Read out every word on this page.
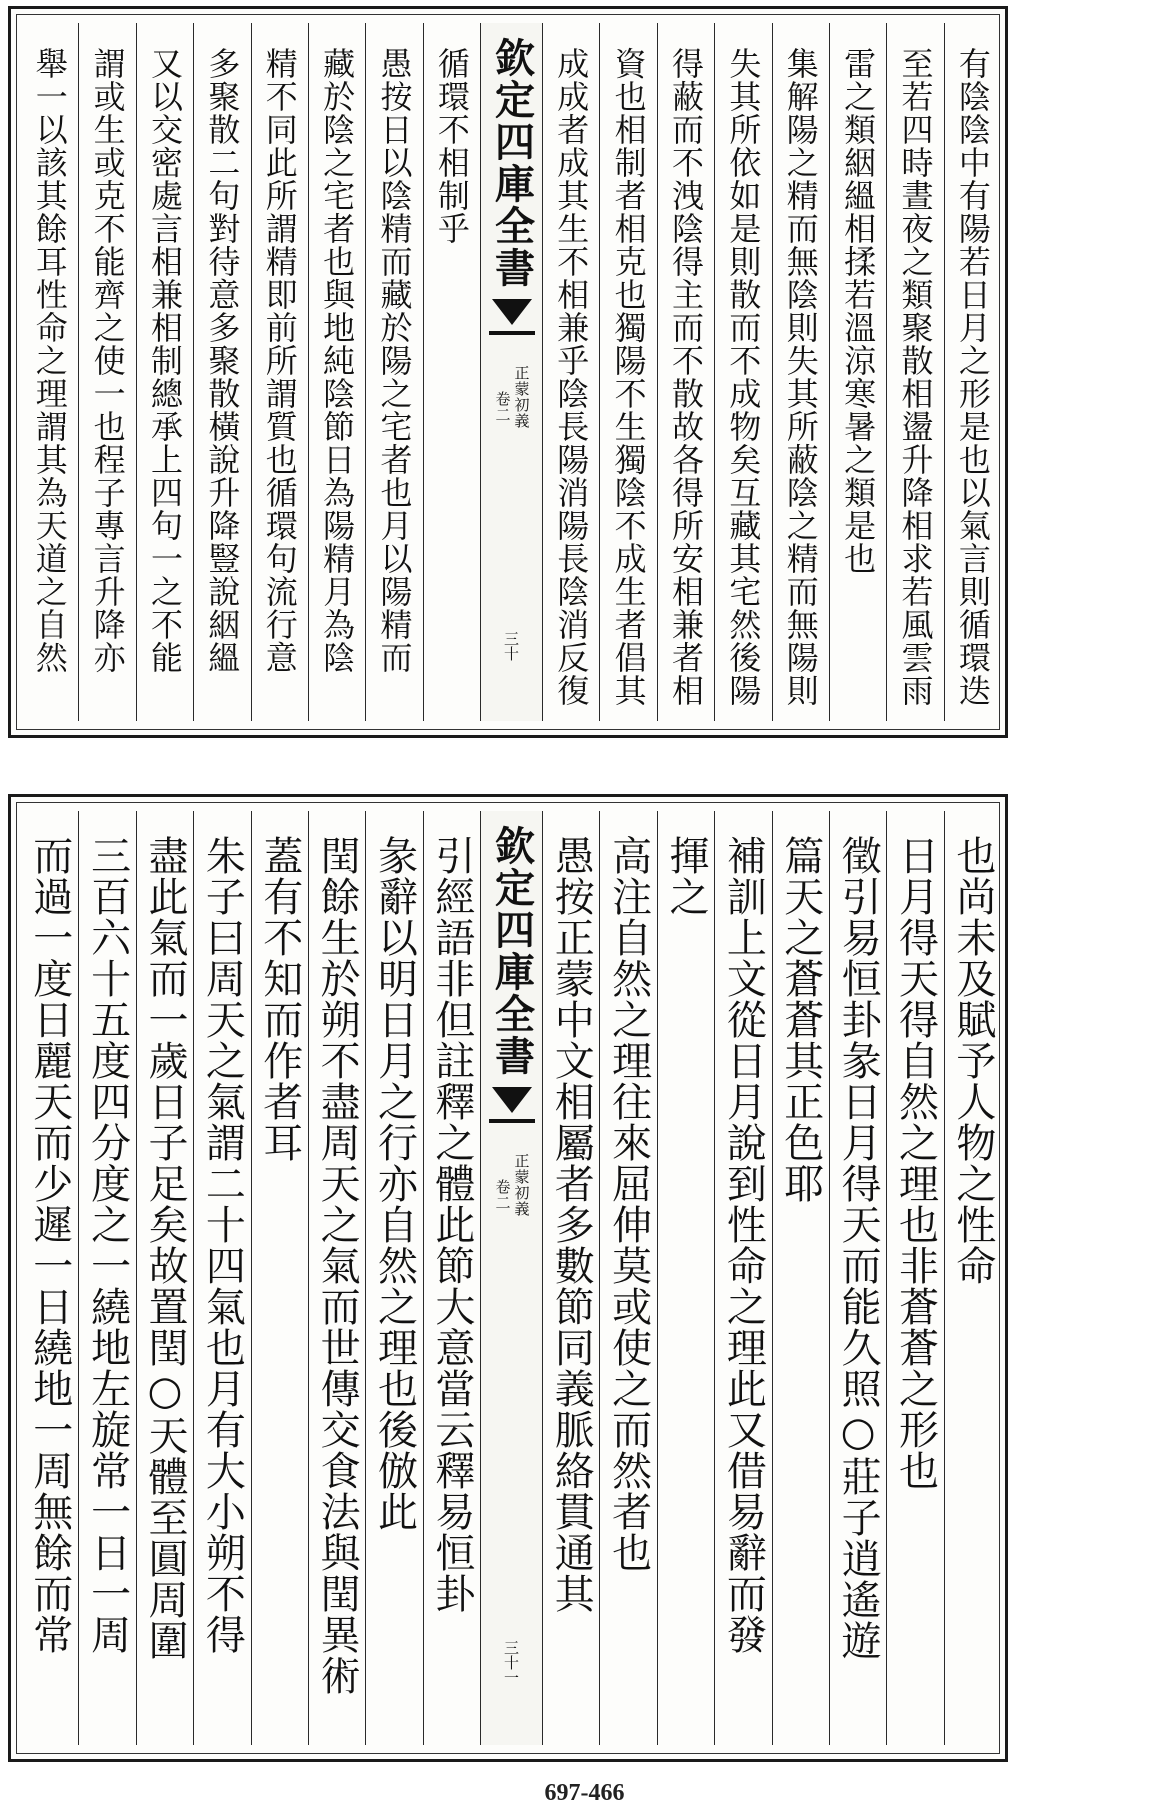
舉一以該其餘耳性命之理謂其為天道之自然 謂或生或克不能齊之使一也程子專言升降亦 又以交密處言相兼相制總承上四句一之不能 多聚散二句對待意多聚散橫說升降豎說絪縕 精不同此所謂精即前所謂質也循環句流行意 藏於陰之宅者也與地純陰節日為陽精月為陰 愚按日以陰精而藏於陽之宅者也月以陽精而 循環不相制乎 欽定四庫全書
正蒙初義
卷二
三十 成成者成其生不相兼乎陰長陽消陽長陰消反復 資也相制者相克也獨陽不生獨陰不成生者倡其 得蔽而不洩陰得主而不散故各得所安相兼者相 失其所依如是則散而不成物矣互藏其宅然後陽 集解陽之精而無陰則失其所蔽陰之精而無陽則 雷之類絪縕相揉若溫涼寒暑之類是也 至若四時晝夜之類聚散相盪升降相求若風雲雨 有陰陰中有陽若日月之形是也以氣言則循環迭
而過一度日麗天而少遲一日繞地一周無餘而常 三百六十五度四分度之一繞地左旋常一日一周 盡此氣而一歲日子足矣故置閏○天體至圓周圍 朱子曰周天之氣謂二十四氣也月有大小朔不得 蓋有不知而作者耳 閏餘生於朔不盡周天之氣而世傳交食法與閏異術 彖辭以明日月之行亦自然之理也後倣此 引經語非但註釋之體此節大意當云釋易恒卦 欽定四庫全書
正蒙初義
卷二
三十一
愚按正蒙中文相屬者多數節同義脈絡貫通其 高注自然之理往來屈伸莫或使之而然者也 揮之 補訓上文從日月說到性命之理此又借易辭而發 篇天之蒼蒼其正色耶 徵引易恒卦彖日月得天而能久照○莊子逍遙遊 日月得天得自然之理也非蒼蒼之形也 也尚未及賦予人物之性命
697-466
